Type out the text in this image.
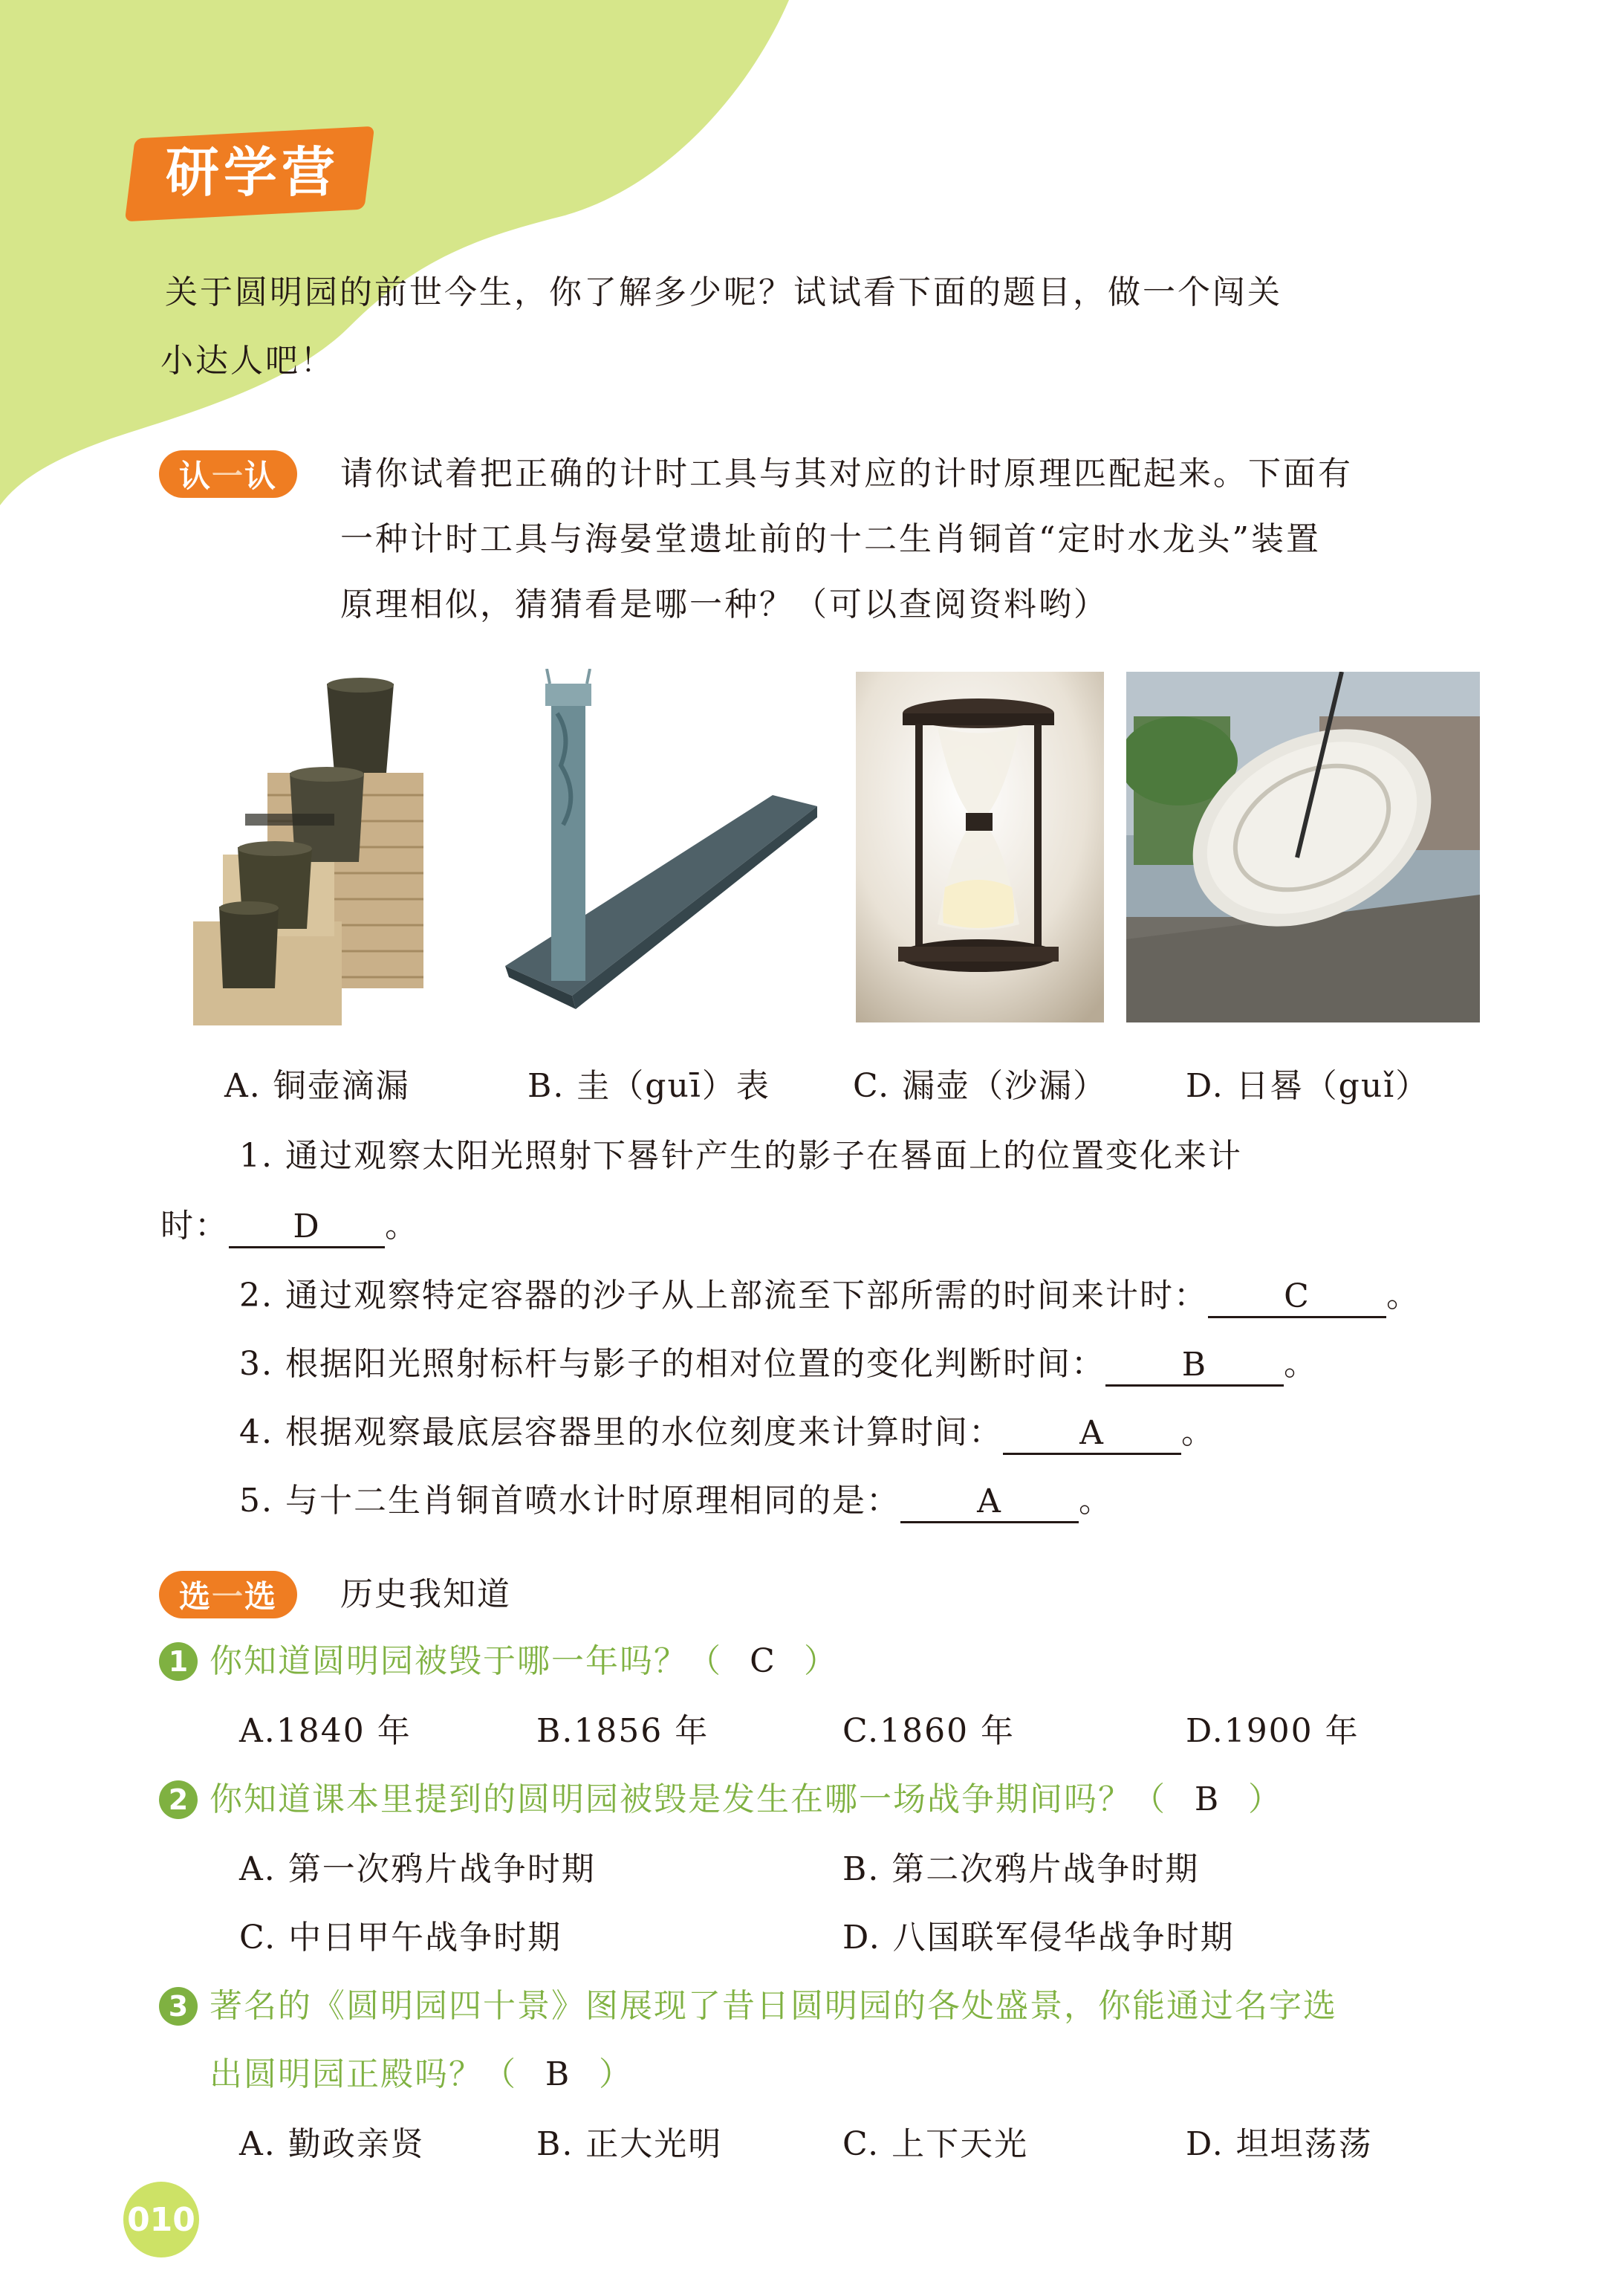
研学营
关于圆明园的前世今生，你了解多少呢？试试看下面的题目，做一个闯关
小达人吧！
认 一 认 请你试着把正确的计时工具与其对应的计时原理匹配起来。下面有
一种计时工具与海晏堂遗址前的十二生肖铜首“定时水龙头”装置
原理相似，猜猜看是哪一种？（可以查阅资料哟）
A. 铜壶滴漏	B. 圭（guī）表	C. 漏壶（沙漏） D. 日晷（guǐ）
1. 通过观察太阳光照射下晷针产生的影子在晷面上的位置变化来计
时： D 。
2. 通过观察特定容器的沙子从上部流至下部所需的时间来计时： C 。
3. 根据阳光照射标杆与影子的相对位置的变化判断时间： B 。
4. 根据观察最底层容器里的水位刻度来计算时间： A 。
5. 与十二生肖铜首喷水计时原理相同的是： A 。
选 一 选 历史我知道
1 你知道圆明园被毁于哪一年吗？（ C ）
A.1840 年	B.1856 年	C.1860 年	D.1900 年
2 你知道课本里提到的圆明园被毁是发生在哪一场战争期间吗？（ B ）
A. 第一次鸦片战争时期	B. 第二次鸦片战争时期
C. 中日甲午战争时期	D. 八国联军侵华战争时期
3 著名的《圆明园四十景》图展现了昔日圆明园的各处盛景，你能通过名字选
出圆明园正殿吗？（ B ）
A. 勤政亲贤	B. 正大光明	C. 上下天光	D. 坦坦荡荡
010
